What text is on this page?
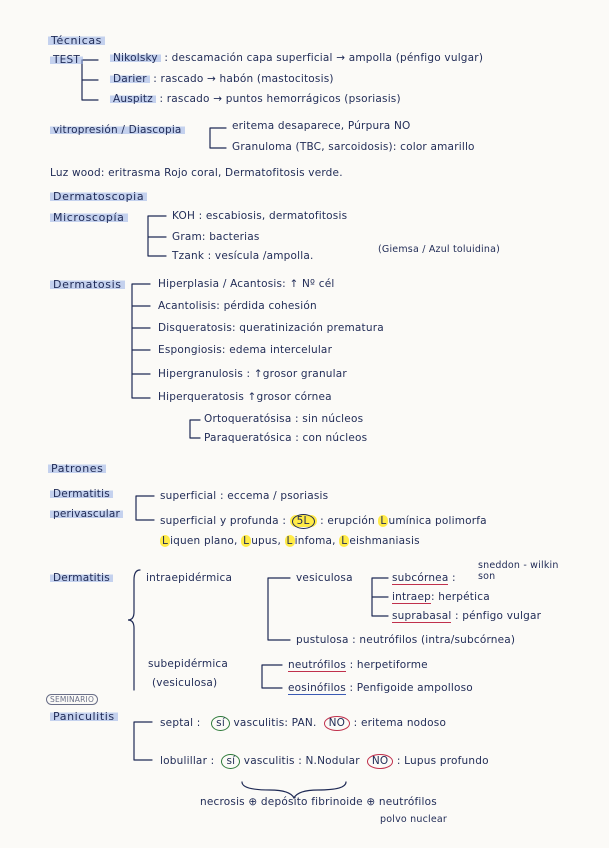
Técnicas
TEST	Nikolsky : descamación capa superficial → ampolla (pénfigo vulgar)
Darier : rascado → habón (mastocitosis)
Auspitz : rascado → puntos hemorrágicos (psoriasis)
vitropresión / Diascopia	eritema desaparece, Púrpura NO
Granuloma (TBC, sarcoidosis): color amarillo
Luz wood: eritrasma Rojo coral, Dermatofitosis verde.
Dermatoscopia
Microscopía	KOH : escabiosis, dermatofitosis
Gram: bacterias
Tzank : vesícula /ampolla.
(Giemsa / Azul toluidina)
Dermatosis	Hiperplasia / Acantosis: ↑ Nº cél
Acantolisis: pérdida cohesión
Disqueratosis: queratinización prematura
Espongiosis: edema intercelular
Hipergranulosis : ↑grosor granular
Hiperqueratosis ↑grosor córnea
Ortoqueratósisa : sin núcleos
Paraqueratósica : con núcleos
Patrones
Dermatitis
perivascular
superficial : eccema / psoriasis
superficial y profunda : 5L : erupción L umínica polimorfa
L iquen plano, L upus, L infoma, L eishmaniasis
Dermatitis	intraepidérmica	vesiculosa	subcórnea :
sneddon - wilkin son
intraep: herpética
suprabasal : pénfigo vulgar
pustulosa : neutrófilos (intra/subcórnea)
subepidérmica
(vesiculosa)
neutrófilos : herpetiforme
eosinófilos : Penfigoide ampolloso
SEMINARIO
Paniculitis	septal : sí vasculitis: PAN. NO : eritema nodoso
lobulillar : sí vasculitis : N.Nodular NO : Lupus profundo
necrosis ⊕ depósito fibrinoide ⊕ neutrófilos
polvo nuclear
